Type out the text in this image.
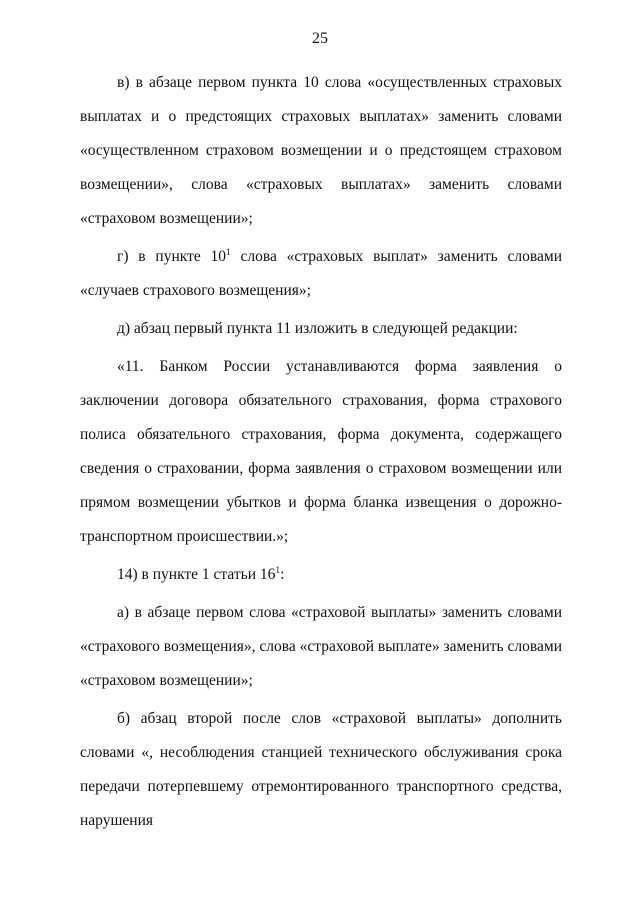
25

в) в абзаце первом пункта 10 слова «осуществленных страховых выплатах и о предстоящих страховых выплатах» заменить словами «осуществленном страховом возмещении и о предстоящем страховом возмещении», слова «страховых выплатах» заменить словами «страховом возмещении»;

г) в пункте $10^1$ слова «страховых выплат» заменить словами «случаев страхового возмещения»;

д) абзац первый пункта 11 изложить в следующей редакции:

«11. Банком России устанавливаются форма заявления о заключении договора обязательного страхования, форма страхового полиса обязательного страхования, форма документа, содержащего сведения о страховании, форма заявления о страховом возмещении или прямом возмещении убытков и форма бланка извещения о дорожно-транспортном происшествии.»;

14) в пункте 1 статьи $16^1$:

а) в абзаце первом слова «страховой выплаты» заменить словами «страхового возмещения», слова «страховой выплате» заменить словами «страховом возмещении»;

б) абзац второй после слов «страховой выплаты» дополнить словами «, несоблюдения станцией технического обслуживания срока передачи потерпевшему отремонтированного транспортного средства, нарушения
